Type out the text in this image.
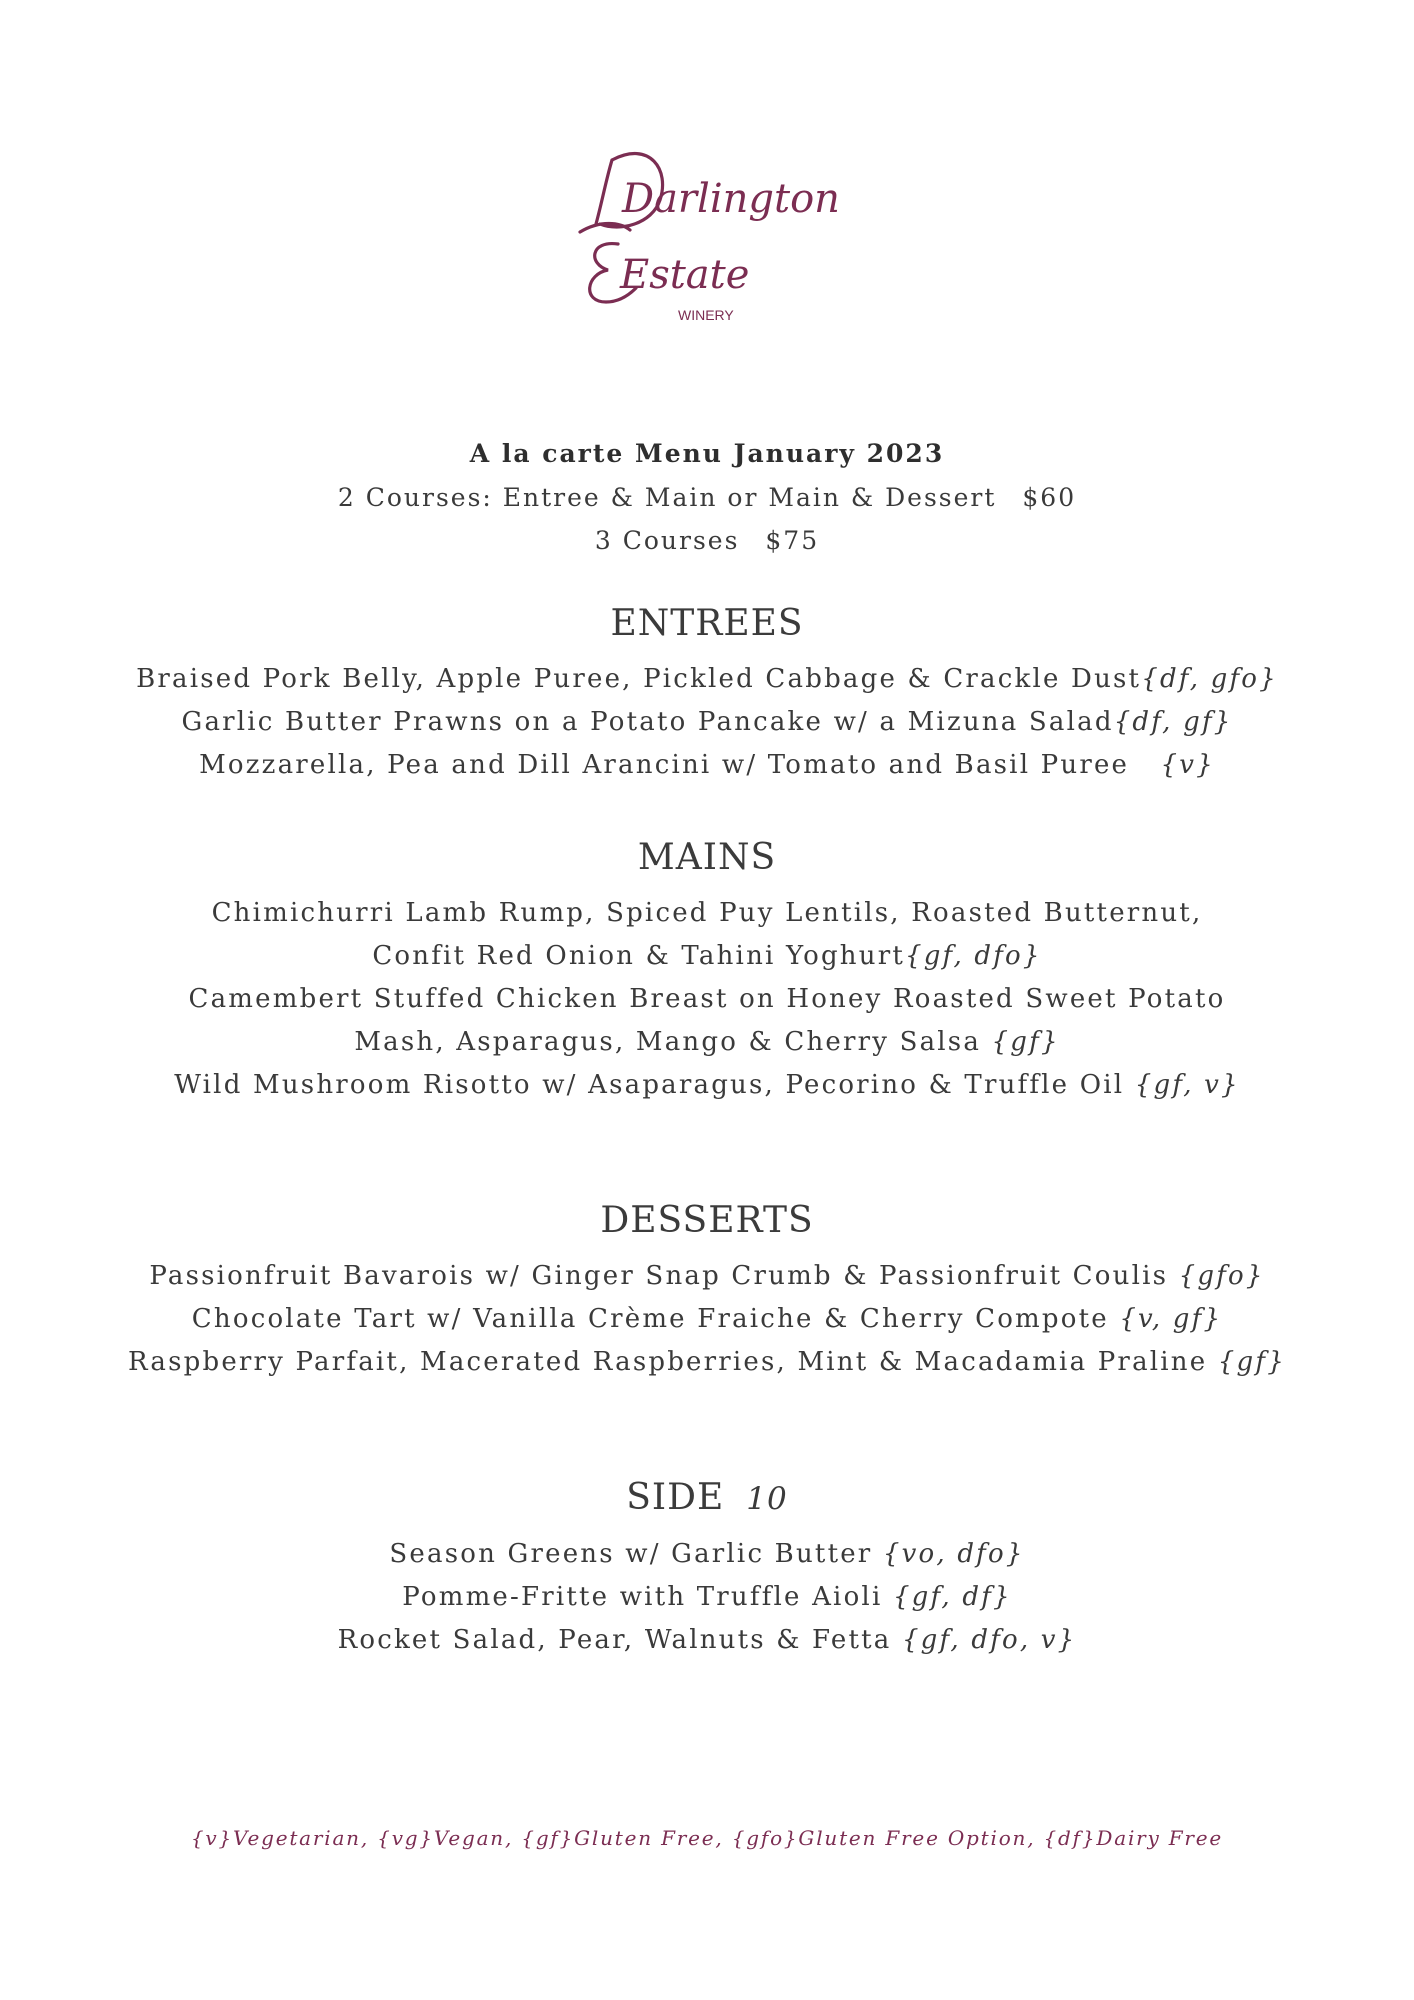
Darlington
Estate
WINERY
A la carte Menu January 2023
2 Courses: Entree & Main or Main & Dessert $60
3 Courses $75
ENTREES
Braised Pork Belly, Apple Puree, Pickled Cabbage & Crackle Dust{df, gfo}
Garlic Butter Prawns on a Potato Pancake w/ a Mizuna Salad{df, gf}
Mozzarella, Pea and Dill Arancini w/ Tomato and Basil Puree   {v}
MAINS
Chimichurri Lamb Rump, Spiced Puy Lentils, Roasted Butternut, Confit Red Onion & Tahini Yoghurt{gf, dfo}
Camembert Stuffed Chicken Breast on Honey Roasted Sweet Potato Mash, Asparagus, Mango & Cherry Salsa {gf}
Wild Mushroom Risotto w/ Asaparagus, Pecorino & Truffle Oil {gf, v}
DESSERTS
Passionfruit Bavarois w/ Ginger Snap Crumb & Passionfruit Coulis {gfo}
Chocolate Tart w/ Vanilla Crème Fraiche & Cherry Compote {v, gf}
Raspberry Parfait, Macerated Raspberries, Mint & Macadamia Praline {gf}
SIDE 10
Season Greens w/ Garlic Butter {vo, dfo}
Pomme-Fritte with Truffle Aioli {gf, df}
Rocket Salad, Pear, Walnuts & Fetta {gf, dfo, v}
{v}Vegetarian, {vg}Vegan, {gf}Gluten Free, {gfo}Gluten Free Option, {df}Dairy Free
